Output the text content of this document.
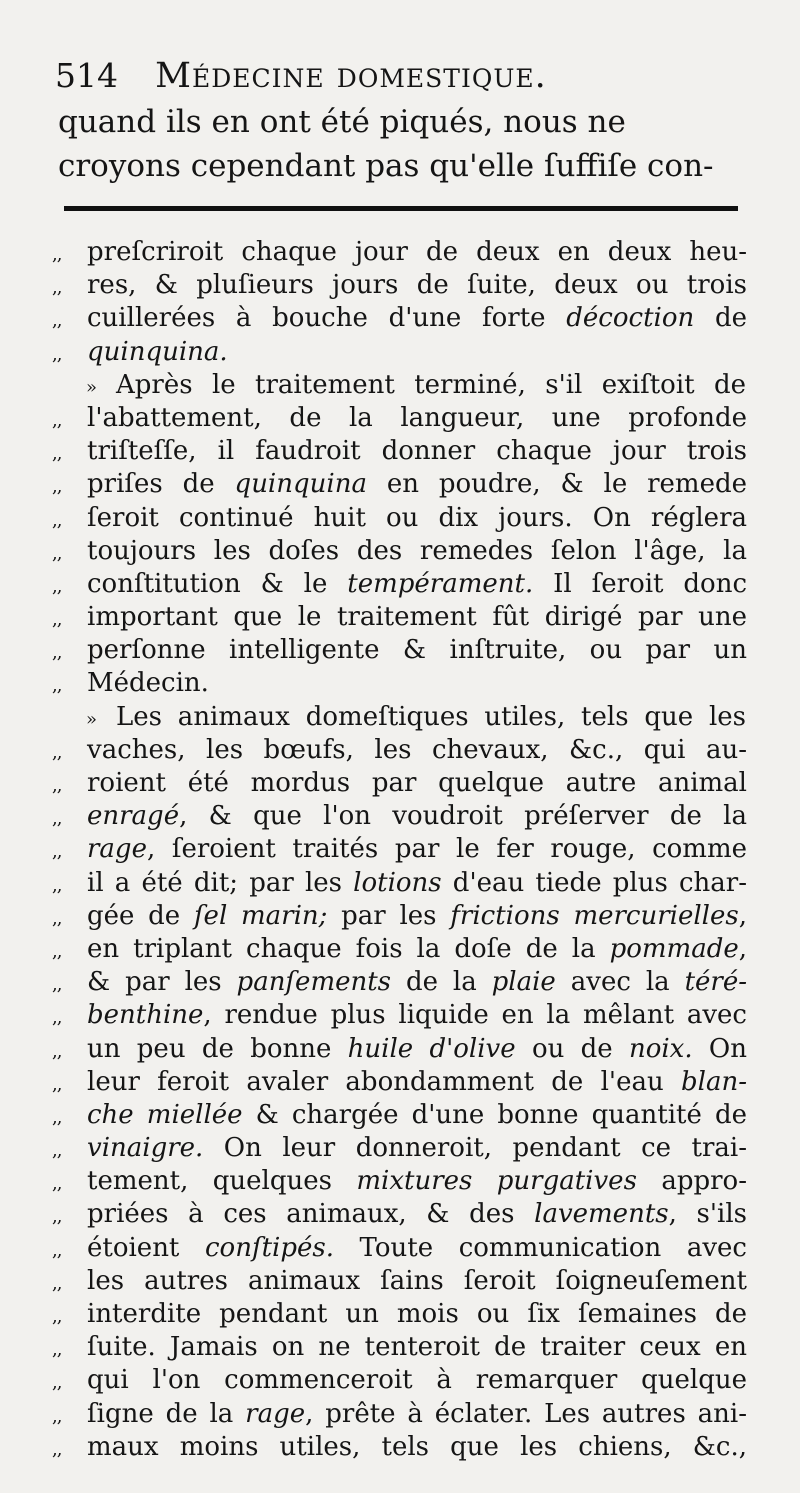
514 Médecine domestique.
quand ils en ont été piqués, nous ne
croyons cependant pas qu'elle ſuffiſe con-
,, preſcriroit chaque jour de deux en deux heu-
,, res, & pluſieurs jours de ſuite, deux ou trois
,, cuillerées à bouche d'une forte décoction de
,, quinquina.
» Après le traitement terminé, s'il exiſtoit de
,, l'abattement, de la langueur, une profonde
,, triſteſſe, il faudroit donner chaque jour trois
,, priſes de quinquina en poudre, & le remede
,, ſeroit continué huit ou dix jours. On réglera
,, toujours les doſes des remedes ſelon l'âge, la
,, conſtitution & le tempérament. Il ſeroit donc
,, important que le traitement fût dirigé par une
,, perſonne intelligente & inſtruite, ou par un
,, Médecin.
» Les animaux domeſtiques utiles, tels que les
,, vaches, les bœufs, les chevaux, &c., qui au-
,, roient été mordus par quelque autre animal
,, enragé, & que l'on voudroit préſerver de la
,, rage, ſeroient traités par le fer rouge, comme
,, il a été dit; par les lotions d'eau tiede plus char-
,, gée de ſel marin; par les frictions mercurielles,
,, en triplant chaque fois la doſe de la pommade,
,, & par les panſements de la plaie avec la téré-
,, benthine, rendue plus liquide en la mêlant avec
,, un peu de bonne huile d'olive ou de noix. On
,, leur feroit avaler abondamment de l'eau blan-
,, che miellée & chargée d'une bonne quantité de
,, vinaigre. On leur donneroit, pendant ce trai-
,, tement, quelques mixtures purgatives appro-
,, priées à ces animaux, & des lavements, s'ils
,, étoient conſtipés. Toute communication avec
,, les autres animaux ſains ſeroit ſoigneuſement
,, interdite pendant un mois ou ſix ſemaines de
,, ſuite. Jamais on ne tenteroit de traiter ceux en
,, qui l'on commenceroit à remarquer quelque
,, ſigne de la rage, prête à éclater. Les autres ani-
,, maux moins utiles, tels que les chiens, &c.,
